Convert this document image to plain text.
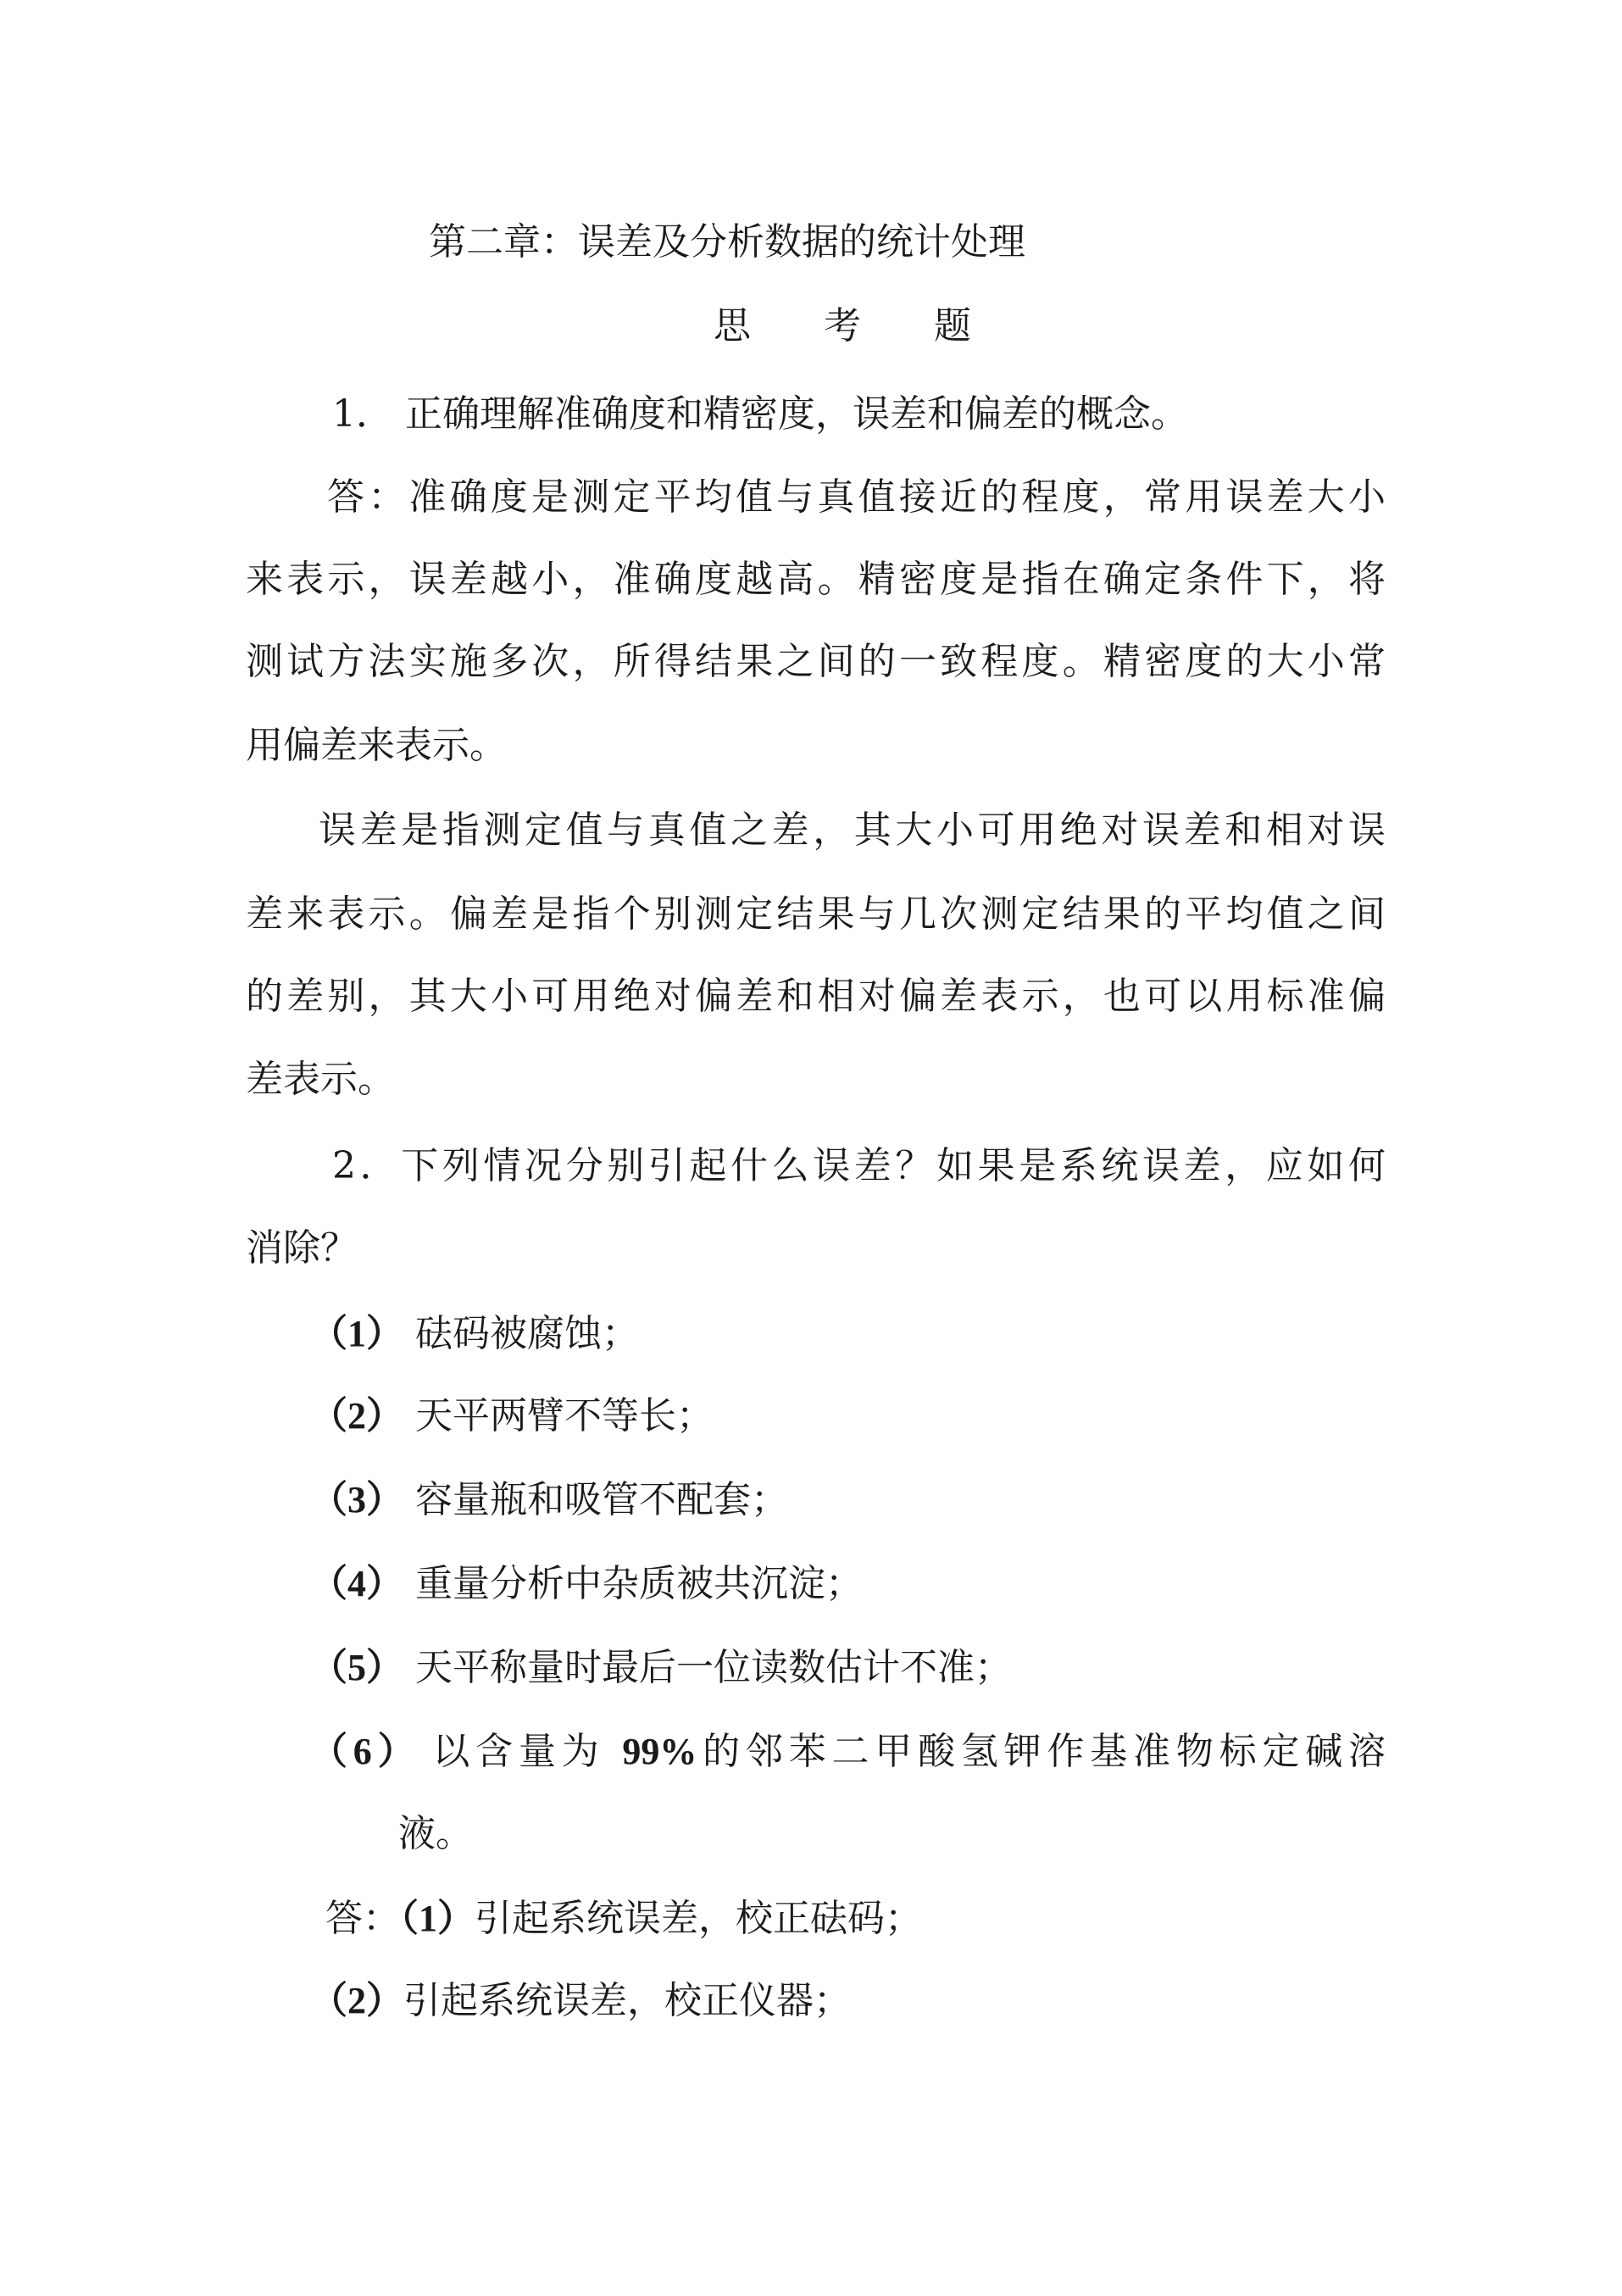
第二章：误差及分析数据的统计处理
思 考 题
1． 正确理解准确度和精密度，误差和偏差的概念。
答：准确度是测定平均值与真值接近的程度，常用误差大小
来表示，误差越小，准确度越高。精密度是指在确定条件下，将
测试方法实施多次，所得结果之间的一致程度。精密度的大小常
用偏差来表示。
误差是指测定值与真值之差，其大小可用绝对误差和相对误
差来表示。偏差是指个别测定结果与几次测定结果的平均值之间
的差别，其大小可用绝对偏差和相对偏差表示，也可以用标准偏
差表示。
2．下列情况分别引起什么误差？如果是系统误差，应如何
消除？
（1） 砝码被腐蚀；
（2） 天平两臂不等长；
（3） 容量瓶和吸管不配套；
（4） 重量分析中杂质被共沉淀；
（5） 天平称量时最后一位读数估计不准；
（6） 以含量为 99%的邻苯二甲酸氢钾作基准物标定碱溶
液。
答：（1）引起系统误差，校正砝码；
（2）引起系统误差，校正仪器；
